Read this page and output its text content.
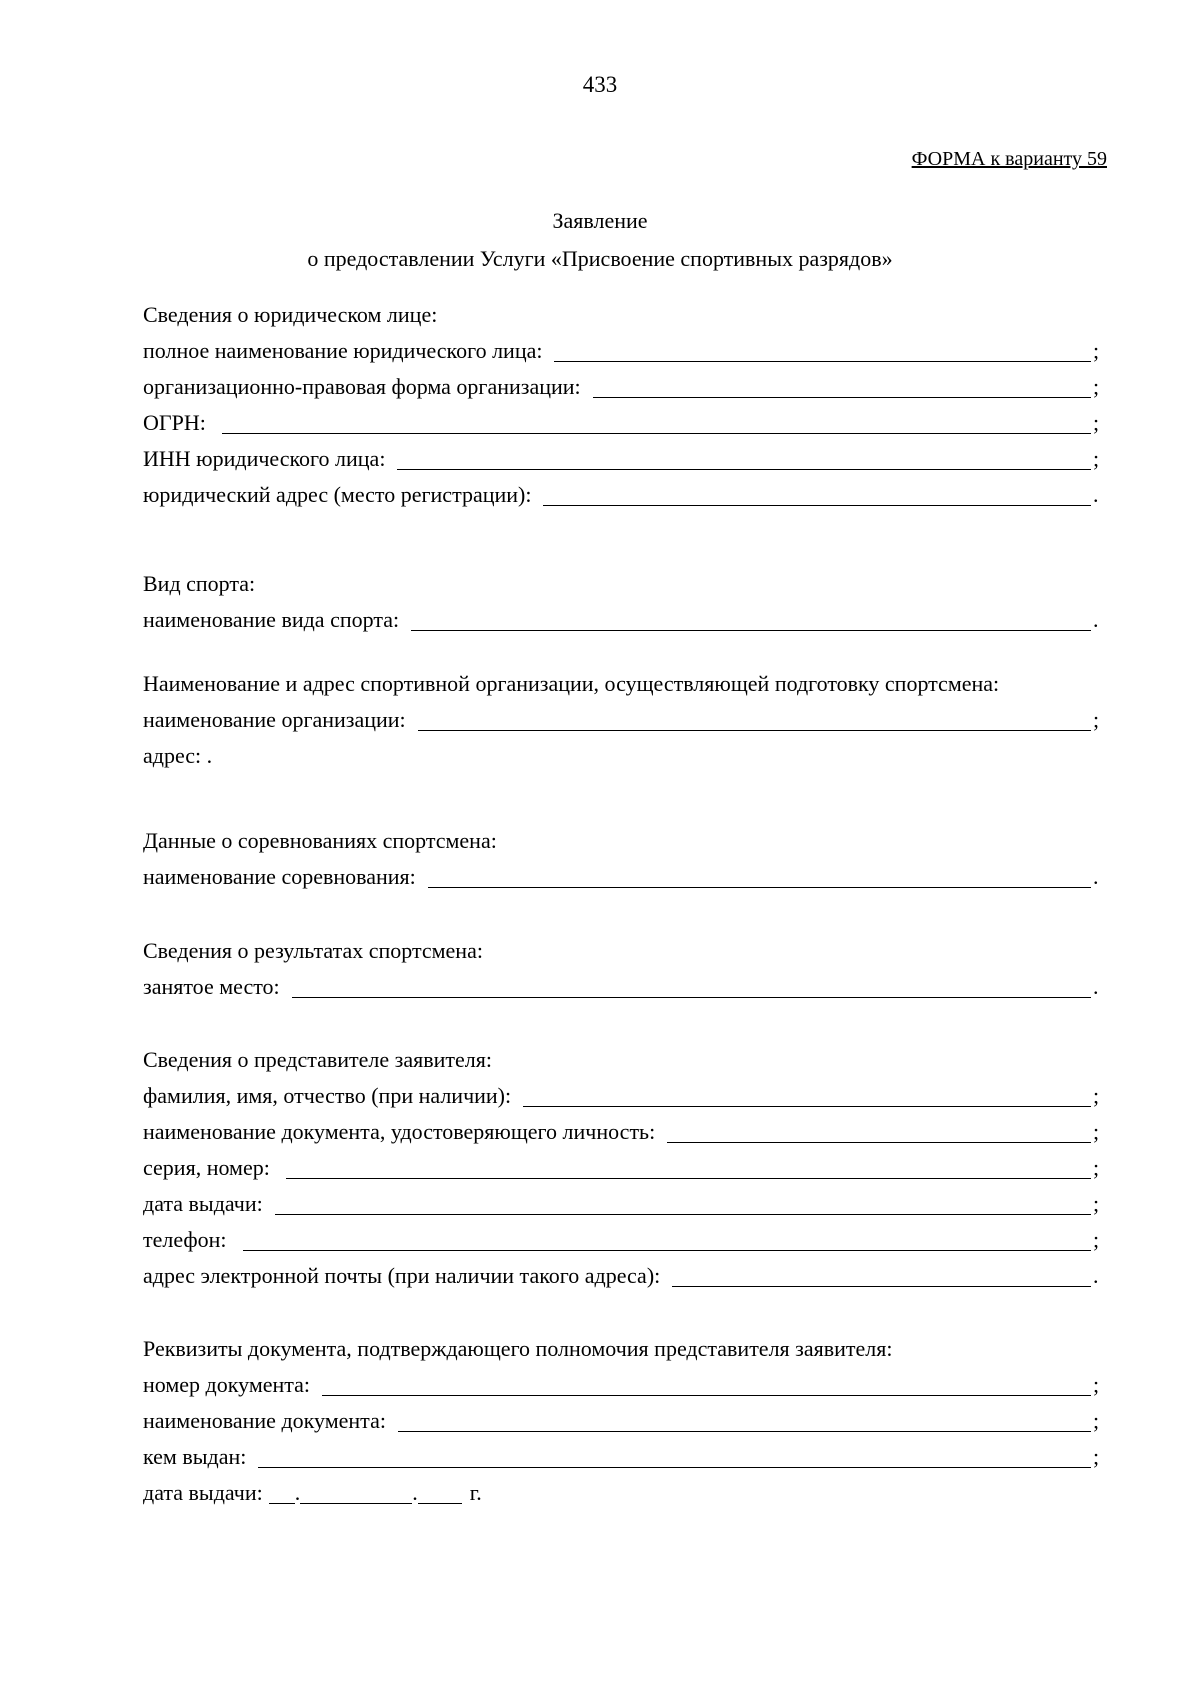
433
ФОРМА к варианту 59
Заявление
о предоставлении Услуги «Присвоение спортивных разрядов»
Сведения о юридическом лице:
полное наименование юридического лица:	;
организационно-правовая форма организации:	;
ОГРН:	;
ИНН юридического лица:	;
юридический адрес (место регистрации):	.
Вид спорта:
наименование вида спорта:	.
Наименование и адрес спортивной организации, осуществляющей подготовку спортсмена:
наименование организации:	;
адрес: .
Данные о соревнованиях спортсмена:
наименование соревнования:	.
Сведения о результатах спортсмена:
занятое место:	.
Сведения о представителе заявителя:
фамилия, имя, отчество (при наличии):	;
наименование документа, удостоверяющего личность:	;
серия, номер:	;
дата выдачи:	;
телефон:	;
адрес электронной почты (при наличии такого адреса):	.
Реквизиты документа, подтверждающего полномочия представителя заявителя:
номер документа:	;
наименование документа:	;
кем выдан:	;
дата выдачи: .	. г.
